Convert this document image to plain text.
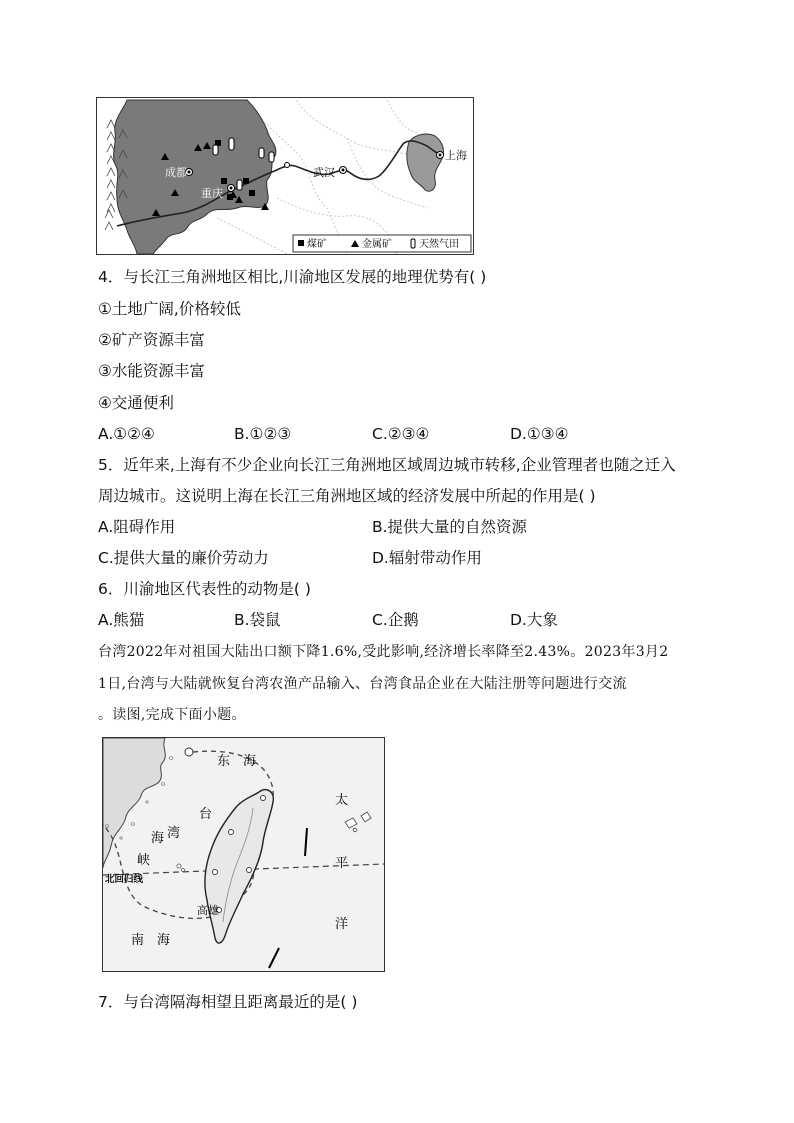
成都
重庆
武汉
上海
煤矿	金属矿	天然气田
4．与长江三角洲地区相比,川渝地区发展的地理优势有( )
①土地广阔,价格较低
②矿产资源丰富
③水能资源丰富
④交通便利
A.①②④	B.①②③	C.②③④	D.①③④
5．近年来,上海有不少企业向长江三角洲地区域周边城市转移,企业管理者也随之迁入
周边城市。这说明上海在长江三角洲地区域的经济发展中所起的作用是( )
A.阻碍作用	B.提供大量的自然资源
C.提供大量的廉价劳动力	D.辐射带动作用
6．川渝地区代表性的动物是( )
A.熊猫	B.袋鼠	C.企鹅	D.大象
台湾2022年对祖国大陆出口额下降1.6%,受此影响,经济增长率降至2.43%。2023年3月2
1日,台湾与大陆就恢复台湾农渔产品输入、台湾食品企业在大陆注册等问题进行交流
。读图,完成下面小题。
东　海
太
平
洋
台
湾
海
峡
北回归线
高雄
南　海
7．与台湾隔海相望且距离最近的是( )
